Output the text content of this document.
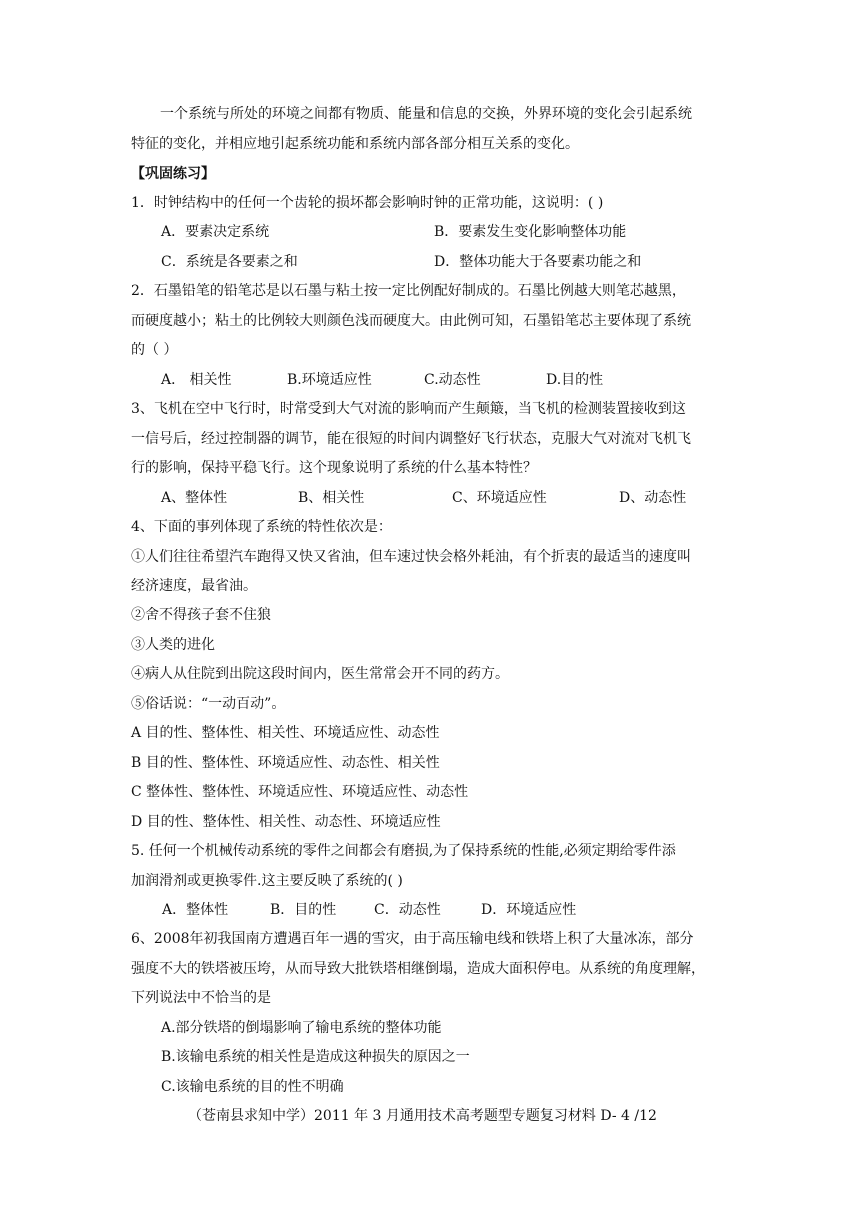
一个系统与所处的环境之间都有物质、能量和信息的交换，外界环境的变化会引起系统
特征的变化，并相应地引起系统功能和系统内部各部分相互关系的变化。
【巩固练习】
1．时钟结构中的任何一个齿轮的损坏都会影响时钟的正常功能，这说明：( )
A．要素决定系统	B．要素发生变化影响整体功能
C．系统是各要素之和	D．整体功能大于各要素功能之和
2．石墨铅笔的铅笔芯是以石墨与粘土按一定比例配好制成的。石墨比例越大则笔芯越黑，
而硬度越小；粘土的比例较大则颜色浅而硬度大。由此例可知，石墨铅笔芯主要体现了系统
的（ ）
A． 相关性	B.环境适应性	C.动态性	D.目的性
3、飞机在空中飞行时，时常受到大气对流的影响而产生颠簸，当飞机的检测装置接收到这
一信号后，经过控制器的调节，能在很短的时间内调整好飞行状态，克服大气对流对飞机飞
行的影响，保持平稳飞行。这个现象说明了系统的什么基本特性？
A、整体性	B、相关性	C、环境适应性	D、动态性
4、下面的事列体现了系统的特性依次是：
①人们往往希望汽车跑得又快又省油，但车速过快会格外耗油，有个折衷的最适当的速度叫
经济速度，最省油。
②舍不得孩子套不住狼
③人类的进化
④病人从住院到出院这段时间内，医生常常会开不同的药方。
⑤俗话说：“一动百动”。
A 目的性、整体性、相关性、环境适应性、动态性
B 目的性、整体性、环境适应性、动态性、相关性
C 整体性、整体性、环境适应性、环境适应性、动态性
D 目的性、整体性、相关性、动态性、环境适应性
5. 任何一个机械传动系统的零件之间都会有磨损,为了保持系统的性能,必须定期给零件添
加润滑剂或更换零件.这主要反映了系统的( )
A．整体性	B．目的性	C．动态性	D．环境适应性
6、2008年初我国南方遭遇百年一遇的雪灾，由于高压输电线和铁塔上积了大量冰冻，部分
强度不大的铁塔被压垮，从而导致大批铁塔相继倒塌，造成大面积停电。从系统的角度理解，
下列说法中不恰当的是
A.部分铁塔的倒塌影响了输电系统的整体功能
B.该输电系统的相关性是造成这种损失的原因之一
C.该输电系统的目的性不明确
（苍南县求知中学）2011 年 3 月通用技术高考题型专题复习材料 D- 4 /12
